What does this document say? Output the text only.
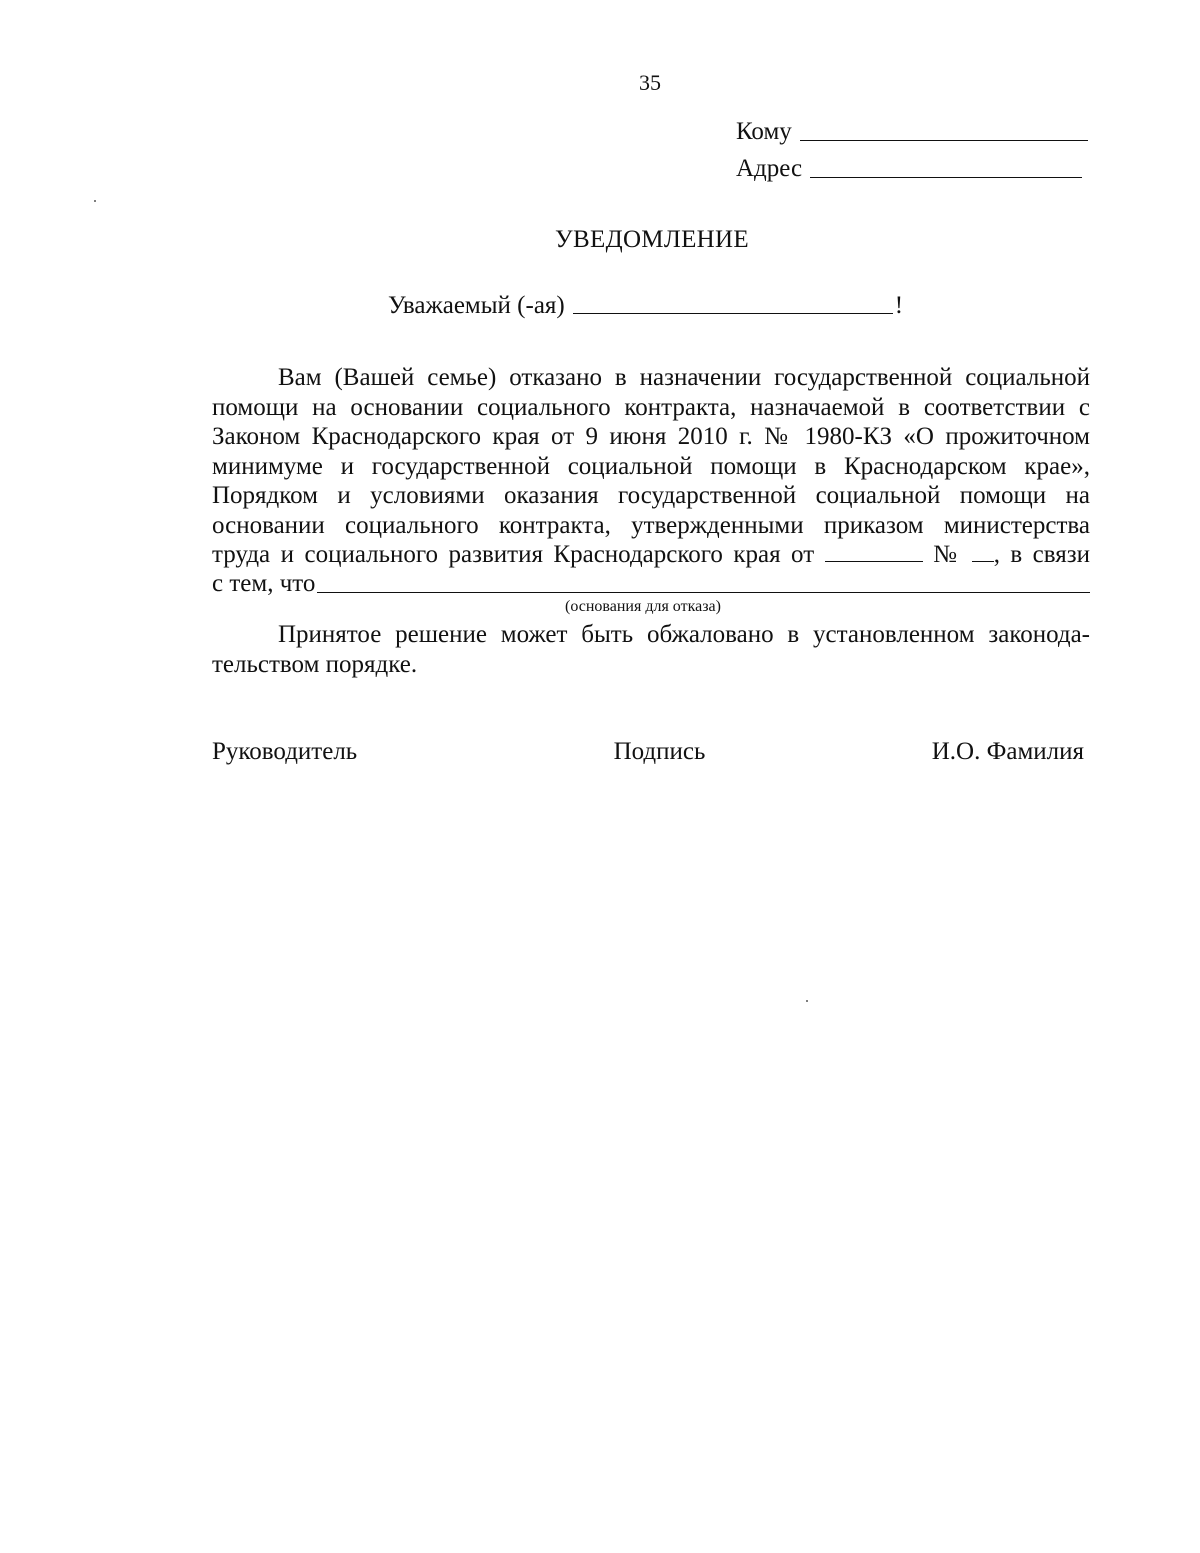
35
Кому
Адрес
УВЕДОМЛЕНИЕ
Уважаемый (-ая)	!
Вам (Вашей семье) отказано в назначении государственной социальной
помощи на основании социального контракта, назначаемой в соответствии с
Законом Краснодарского края от 9 июня 2010 г. № 1980-КЗ «О прожиточном
минимуме и государственной социальной помощи в Краснодарском крае»,
Порядком и условиями оказания государственной социальной помощи на
основании социального контракта, утвержденными приказом министерства
труда и социального развития Краснодарского края от	№ , в связи
с тем, что
(основания для отказа)
Принятое решение может быть обжаловано в установленном законода-
тельством порядке.
Руководитель	Подпись	И.О. Фамилия
